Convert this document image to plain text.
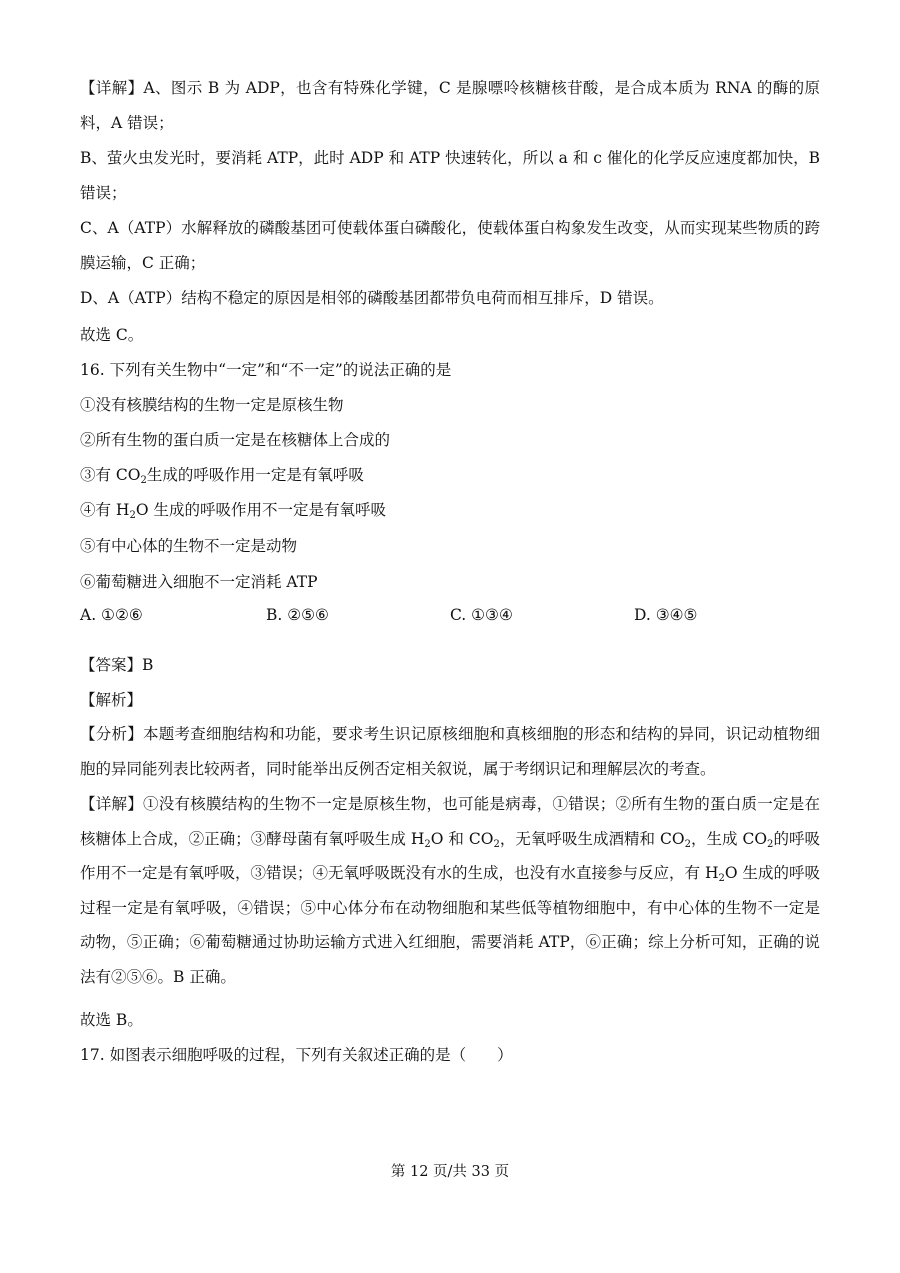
【详解】A、图示 B 为 ADP，也含有特殊化学键，C 是腺嘌呤核糖核苷酸，是合成本质为 RNA 的酶的原料，A 错误；
B、萤火虫发光时，要消耗 ATP，此时 ADP 和 ATP 快速转化，所以 a 和 c 催化的化学反应速度都加快，B 错误；
C、A（ATP）水解释放的磷酸基团可使载体蛋白磷酸化，使载体蛋白构象发生改变，从而实现某些物质的跨膜运输，C 正确；
D、A（ATP）结构不稳定的原因是相邻的磷酸基团都带负电荷而相互排斥，D 错误。
故选 C。
16. 下列有关生物中“一定”和“不一定”的说法正确的是
①没有核膜结构的生物一定是原核生物
②所有生物的蛋白质一定是在核糖体上合成的
③有 $CO_2$生成的呼吸作用一定是有氧呼吸
④有 $H_2O$ 生成的呼吸作用不一定是有氧呼吸
⑤有中心体的生物不一定是动物
⑥葡萄糖进入细胞不一定消耗 ATP
A. ①②⑥	B. ②⑤⑥	C. ①③④	D. ③④⑤
【答案】B
【解析】
【分析】本题考查细胞结构和功能，要求考生识记原核细胞和真核细胞的形态和结构的异同，识记动植物细胞的异同能列表比较两者，同时能举出反例否定相关叙说，属于考纲识记和理解层次的考查。
【详解】①没有核膜结构的生物不一定是原核生物，也可能是病毒，①错误；②所有生物的蛋白质一定是在核糖体上合成，②正确；③酵母菌有氧呼吸生成 $H_2O$ 和 $CO_2$，无氧呼吸生成酒精和 $CO_2$，生成 $CO_2$的呼吸作用不一定是有氧呼吸，③错误；④无氧呼吸既没有水的生成，也没有水直接参与反应，有 $H_2O$ 生成的呼吸过程一定是有氧呼吸，④错误；⑤中心体分布在动物细胞和某些低等植物细胞中，有中心体的生物不一定是动物，⑤正确；⑥葡萄糖通过协助运输方式进入红细胞，需要消耗 ATP，⑥正确；综上分析可知，正确的说法有②⑤⑥。B 正确。
故选 B。
17. 如图表示细胞呼吸的过程，下列有关叙述正确的是（　　）
第 12 页/共 33 页
